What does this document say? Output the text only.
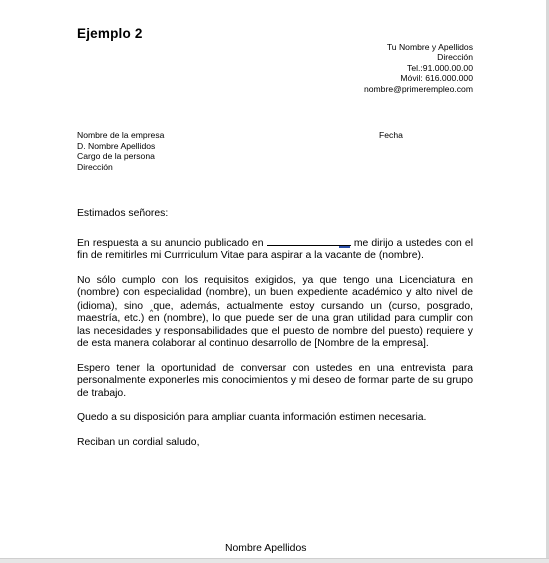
Ejemplo 2
Tu Nombre y Apellidos
Dirección
Tel.:91.000.00.00
Móvil: 616.000.000
nombre@primerempleo.com
Nombre de la empresa
D. Nombre Apellidos
Cargo de la persona
Dirección
Fecha

Estimados señores:

En respuesta a su anuncio publicado en	me dirijo a ustedes con el fin de remitirles mi Currriculum Vitae para aspirar a la vacante de (nombre).

No sólo cumplo con los requisitos exigidos, ya que tengo una Licenciatura en (nombre) con especialidad (nombre), un buen expediente académico y alto nivel de (idioma), sino ‸que, además, actualmente estoy cursando un (curso, posgrado, maestría, etc.) en (nombre), lo que puede ser de una gran utilidad para cumplir con las necesidades y responsabilidades que el puesto de nombre del puesto) requiere y de esta manera colaborar al continuo desarrollo de [Nombre de la empresa].

Espero tener la oportunidad de conversar con ustedes en una entrevista para personalmente exponerles mis conocimientos y mi deseo de formar parte de su grupo de trabajo.

Quedo a su disposición para ampliar cuanta información estimen necesaria.

Reciban un cordial saludo,

Nombre Apellidos
